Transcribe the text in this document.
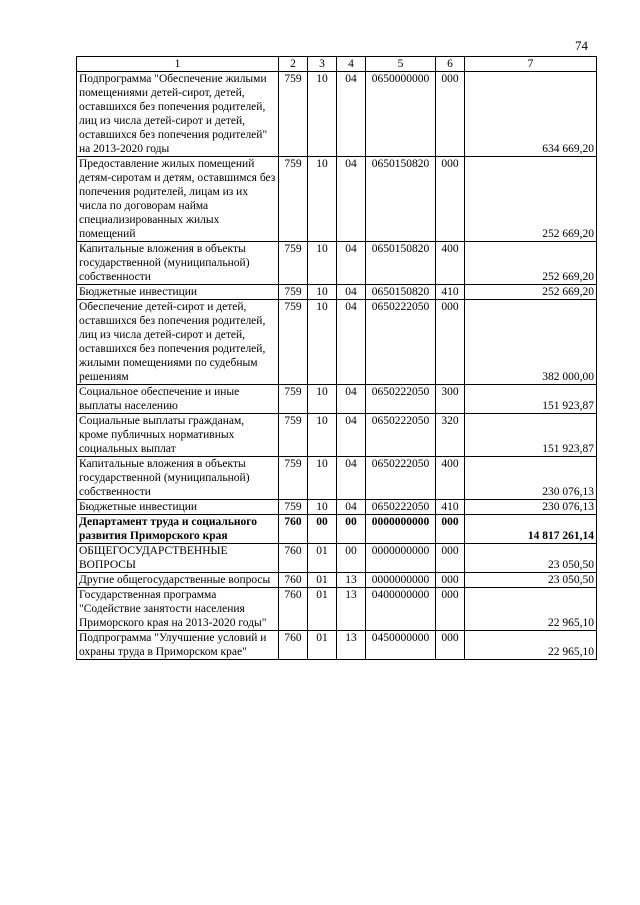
74
1	2	3	4	5	6	7
Подпрограмма "Обеспечение жилыми помещениями детей-сирот, детей, оставшихся без попечения родителей, лиц из числа детей-сирот и детей, оставшихся без попечения родителей" на 2013-2020 годы	759	10	04	0650000000	000	634 669,20
Предоставление жилых помещений детям-сиротам и детям, оставшимся без попечения родителей, лицам из их числа по договорам найма специализированных жилых помещений	759	10	04	0650150820	000	252 669,20
Капитальные вложения в объекты государственной (муниципальной) собственности	759	10	04	0650150820	400	252 669,20
Бюджетные инвестиции	759	10	04	0650150820	410	252 669,20
Обеспечение детей-сирот и детей, оставшихся без попечения родителей, лиц из числа детей-сирот и детей, оставшихся без попечения родителей, жилыми помещениями по судебным решениям	759	10	04	0650222050	000	382 000,00
Социальное обеспечение и иные выплаты населению	759	10	04	0650222050	300	151 923,87
Социальные выплаты гражданам, кроме публичных нормативных социальных выплат	759	10	04	0650222050	320	151 923,87
Капитальные вложения в объекты государственной (муниципальной) собственности	759	10	04	0650222050	400	230 076,13
Бюджетные инвестиции	759	10	04	0650222050	410	230 076,13
Департамент труда и социального развития Приморского края	760	00	00	0000000000	000	14 817 261,14
ОБЩЕГОСУДАРСТВЕННЫЕ ВОПРОСЫ	760	01	00	0000000000	000	23 050,50
Другие общегосударственные вопросы	760	01	13	0000000000	000	23 050,50
Государственная программа "Содействие занятости населения Приморского края на 2013-2020 годы"	760	01	13	0400000000	000	22 965,10
Подпрограмма "Улучшение условий и охраны труда в Приморском крае"	760	01	13	0450000000	000	22 965,10
